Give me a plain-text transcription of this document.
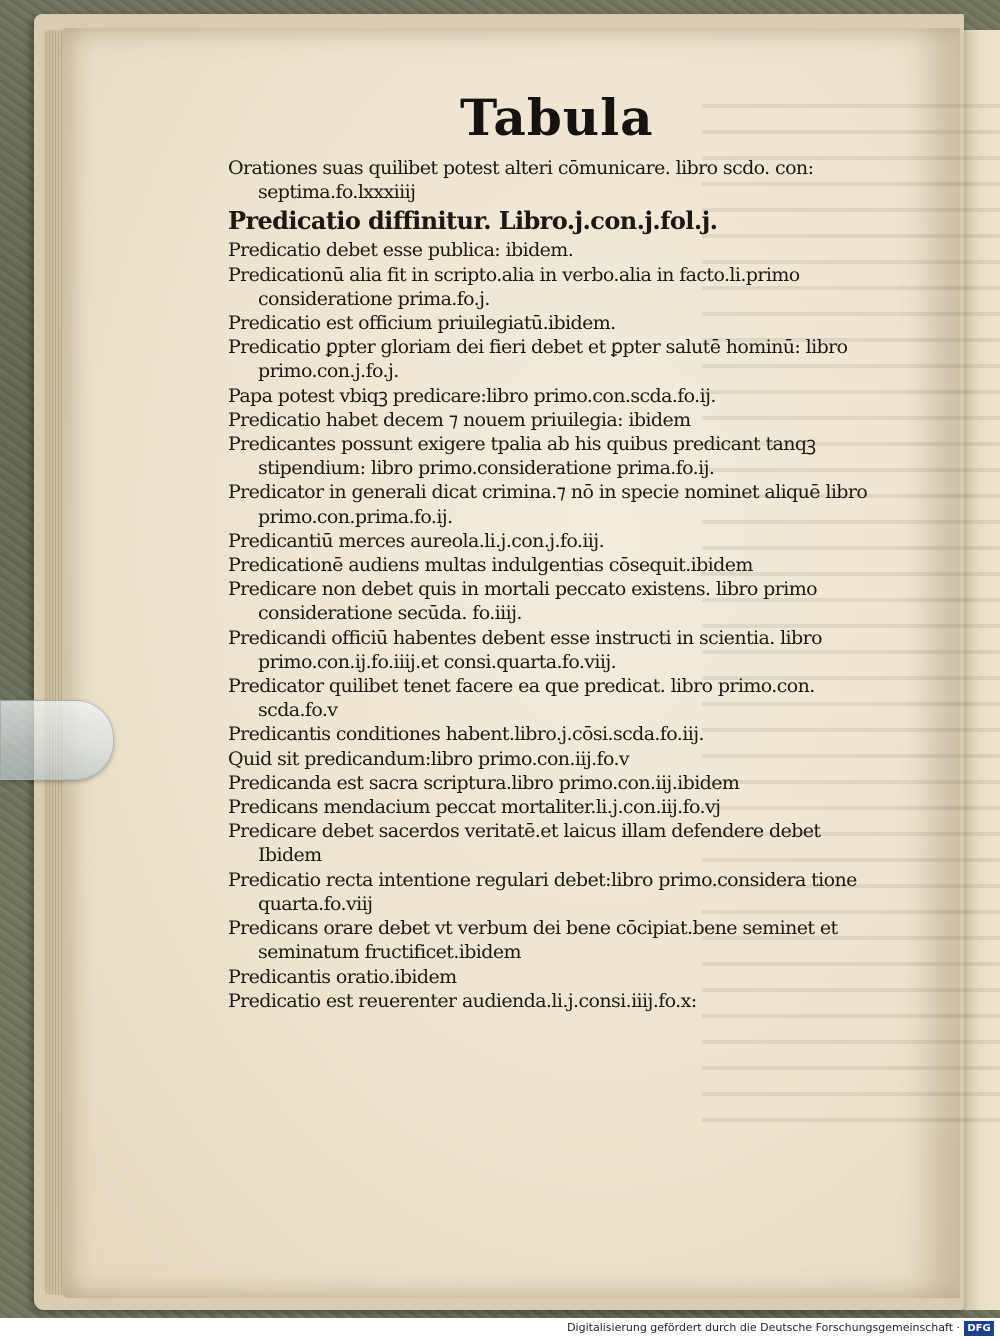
Tabula
Orationes suas quilibet potest alteri cōmunicare. libro scdo. con: septima.fo.lxxxiiij
Predicatio diffinitur. Libro.j.con.j.fol.j.
Predicatio debet esse publica: ibidem.
Predicationū alia fit in scripto.alia in verbo.alia in facto.li.primo consideratione prima.fo.j.
Predicatio est officium priuilegiatū.ibidem.
Predicatio ꝑpter gloriam dei fieri debet et ꝑpter salutē hominū: libro primo.con.j.fo.j.
Papa potest vbiqꝫ predicare:libro primo.con.scda.fo.ij.
Predicatio habet decem ⁊ nouem priuilegia: ibidem
Predicantes possunt exigere tpalia ab his quibus predicant tanqꝫ stipendium: libro primo.consideratione prima.fo.ij.
Predicator in generali dicat crimina.⁊ nō in specie nominet aliquē libro primo.con.prima.fo.ij.
Predicantiū merces aureola.li.j.con.j.fo.iij.
Predicationē audiens multas indulgentias cōsequit.ibidem
Predicare non debet quis in mortali peccato existens. libro primo consideratione secūda. fo.iiij.
Predicandi officiū habentes debent esse instructi in scientia. libro primo.con.ij.fo.iiij.et consi.quarta.fo.viij.
Predicator quilibet tenet facere ea que predicat. libro primo.con. scda.fo.v
Predicantis conditiones habent.libro.j.cōsi.scda.fo.iij.
Quid sit predicandum:libro primo.con.iij.fo.v
Predicanda est sacra scriptura.libro primo.con.iij.ibidem
Predicans mendacium peccat mortaliter.li.j.con.iij.fo.vj
Predicare debet sacerdos veritatē.et laicus illam defendere debet Ibidem
Predicatio recta intentione regulari debet:libro primo.considera tione quarta.fo.viij
Predicans orare debet vt verbum dei bene cōcipiat.bene seminet et seminatum fructificet.ibidem
Predicantis oratio.ibidem
Predicatio est reuerenter audienda.li.j.consi.iiij.fo.x:
Digitalisierung gefördert durch die Deutsche Forschungsgemeinschaft · DFG
